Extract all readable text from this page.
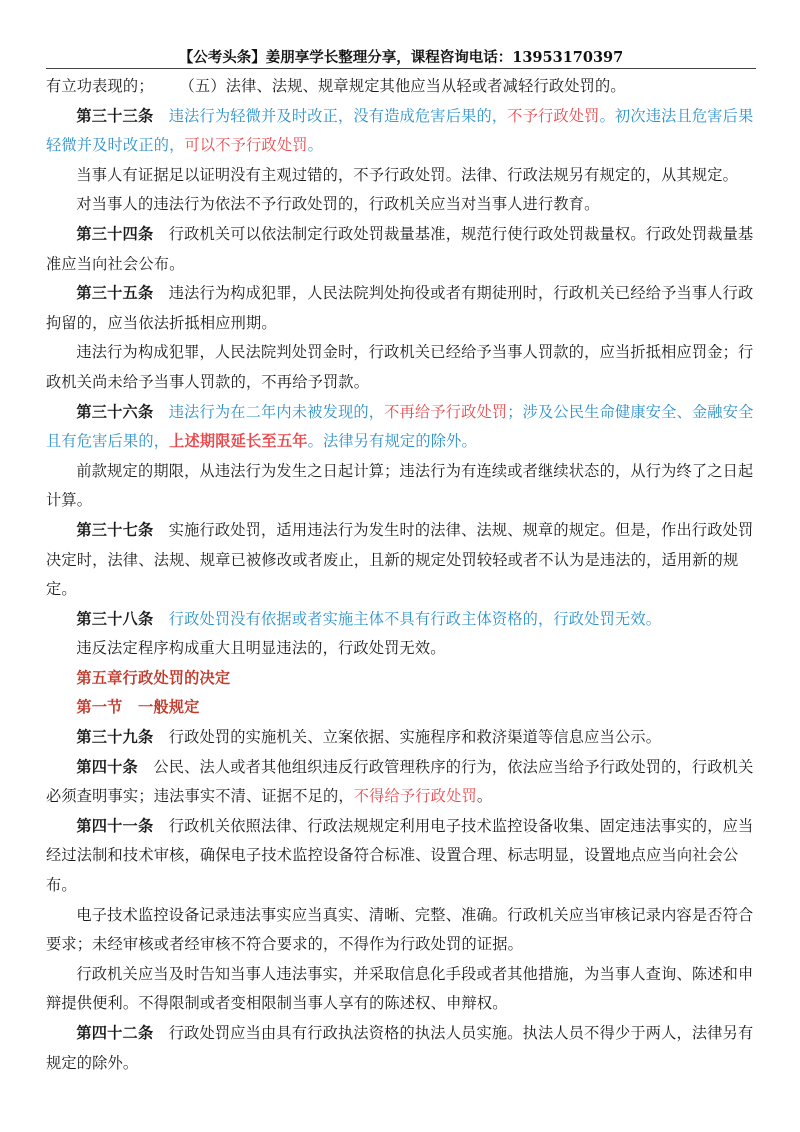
【公考头条】姜朋享学长整理分享，课程咨询电话：13953170397

有立功表现的； （五）法律、法规、规章规定其他应当从轻或者减轻行政处罚的。

第三十三条　 违法行为轻微并及时改正，没有造成危害后果的，不予行政处罚。初次违法且危害后果轻微并及时改正的，可以不予行政处罚。

当事人有证据足以证明没有主观过错的，不予行政处罚。法律、行政法规另有规定的，从其规定。

对当事人的违法行为依法不予行政处罚的，行政机关应当对当事人进行教育。

第三十四条　 行政机关可以依法制定行政处罚裁量基准，规范行使行政处罚裁量权。行政处罚裁量基准应当向社会公布。

第三十五条　 违法行为构成犯罪，人民法院判处拘役或者有期徒刑时，行政机关已经给予当事人行政拘留的，应当依法折抵相应刑期。

违法行为构成犯罪，人民法院判处罚金时，行政机关已经给予当事人罚款的，应当折抵相应罚金；行政机关尚未给予当事人罚款的，不再给予罚款。

第三十六条　 违法行为在二年内未被发现的，不再给予行政处罚；涉及公民生命健康安全、金融安全且有危害后果的，上述期限延长至五年。法律另有规定的除外。

前款规定的期限，从违法行为发生之日起计算；违法行为有连续或者继续状态的，从行为终了之日起计算。

第三十七条　 实施行政处罚，适用违法行为发生时的法律、法规、规章的规定。但是，作出行政处罚决定时，法律、法规、规章已被修改或者废止，且新的规定处罚较轻或者不认为是违法的，适用新的规定。

第三十八条　 行政处罚没有依据或者实施主体不具有行政主体资格的，行政处罚无效。

违反法定程序构成重大且明显违法的，行政处罚无效。

第五章行政处罚的决定

第一节　一般规定

第三十九条　 行政处罚的实施机关、立案依据、实施程序和救济渠道等信息应当公示。

第四十条　 公民、法人或者其他组织违反行政管理秩序的行为，依法应当给予行政处罚的，行政机关必须查明事实；违法事实不清、证据不足的，不得给予行政处罚。

第四十一条　 行政机关依照法律、行政法规规定利用电子技术监控设备收集、固定违法事实的，应当经过法制和技术审核，确保电子技术监控设备符合标准、设置合理、标志明显，设置地点应当向社会公布。

电子技术监控设备记录违法事实应当真实、清晰、完整、准确。行政机关应当审核记录内容是否符合要求；未经审核或者经审核不符合要求的，不得作为行政处罚的证据。

行政机关应当及时告知当事人违法事实，并采取信息化手段或者其他措施，为当事人查询、陈述和申辩提供便利。不得限制或者变相限制当事人享有的陈述权、申辩权。

第四十二条　 行政处罚应当由具有行政执法资格的执法人员实施。执法人员不得少于两人，法律另有规定的除外。
